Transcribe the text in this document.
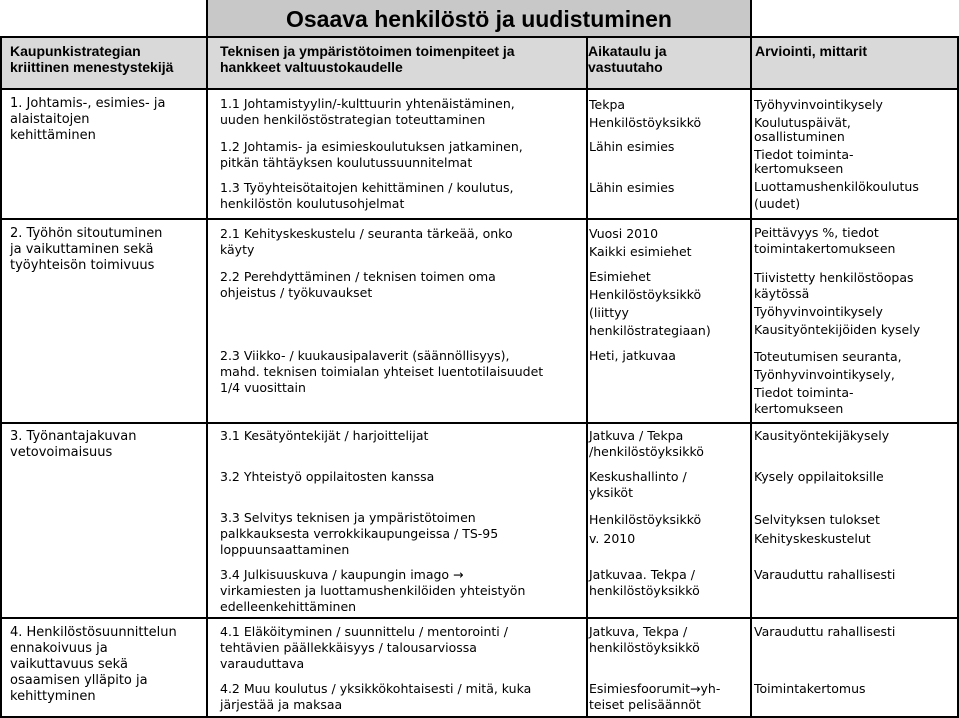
Osaava henkilöstö ja uudistuminen
Kaupunkistrategian
kriittinen menestystekijä
Teknisen ja ympäristötoimen toimenpiteet ja
hankkeet valtuustokaudelle
Aikataulu ja
vastuutaho
Arviointi, mittarit
1. Johtamis-, esimies- ja
alaistaitojen
kehittäminen
2. Työhön sitoutuminen
ja vaikuttaminen sekä
työyhteisön toimivuus
3. Työnantajakuvan
vetovoimaisuus
4. Henkilöstösuunnittelun
ennakoivuus ja
vaikuttavuus sekä
osaamisen ylläpito ja
kehittyminen
1.1 Johtamistyylin/-kulttuurin yhtenäistäminen,
uuden henkilöstöstrategian toteuttaminen
1.2 Johtamis- ja esimieskoulutuksen jatkaminen,
pitkän tähtäyksen koulutussuunnitelmat
1.3 Työyhteisötaitojen kehittäminen / koulutus,
henkilöstön koulutusohjelmat
2.1 Kehityskeskustelu / seuranta tärkeää, onko
käyty
2.2 Perehdyttäminen / teknisen toimen oma
ohjeistus / työkuvaukset
2.3 Viikko- / kuukausipalaverit (säännöllisyys),
mahd. teknisen toimialan yhteiset luentotilaisuudet
1/4 vuosittain
3.1 Kesätyöntekijät / harjoittelijat
3.2 Yhteistyö oppilaitosten kanssa
3.3 Selvitys teknisen ja ympäristötoimen
palkkauksesta verrokkikaupungeissa / TS-95
loppuunsaattaminen
3.4 Julkisuuskuva / kaupungin imago →
virkamiesten ja luottamushenkilöiden yhteistyön
edelleenkehittäminen
4.1 Eläköityminen / suunnittelu / mentorointi /
tehtävien päällekkäisyys / talousarviossa
varauduttava
4.2 Muu koulutus / yksikkökohtaisesti / mitä, kuka
järjestää ja maksaa
Tekpa
Henkilöstöyksikkö
Lähin esimies
Lähin esimies
Vuosi 2010
Kaikki esimiehet
Esimiehet
Henkilöstöyksikkö
(liittyy
henkilöstrategiaan)
Heti, jatkuvaa
Jatkuva / Tekpa
/henkilöstöyksikkö
Keskushallinto /
yksiköt
Henkilöstöyksikkö
v. 2010
Jatkuvaa. Tekpa /
henkilöstöyksikkö
Jatkuva, Tekpa /
henkilöstöyksikkö
Esimiesfoorumit→yh-
teiset pelisäännöt
Työhyvinvointikysely
Koulutuspäivät,
osallistuminen
Tiedot toiminta-
kertomukseen
Luottamushenkilökoulutus
(uudet)
Peittävyys %, tiedot
toimintakertomukseen
Tiivistetty henkilöstöopas
käytössä
Työhyvinvointikysely
Kausityöntekijöiden kysely
Toteutumisen seuranta,
Työnhyvinvointikysely,
Tiedot toiminta-
kertomukseen
Kausityöntekijäkysely
Kysely oppilaitoksille
Selvityksen tulokset
Kehityskeskustelut
Varauduttu rahallisesti
Varauduttu rahallisesti
Toimintakertomus
